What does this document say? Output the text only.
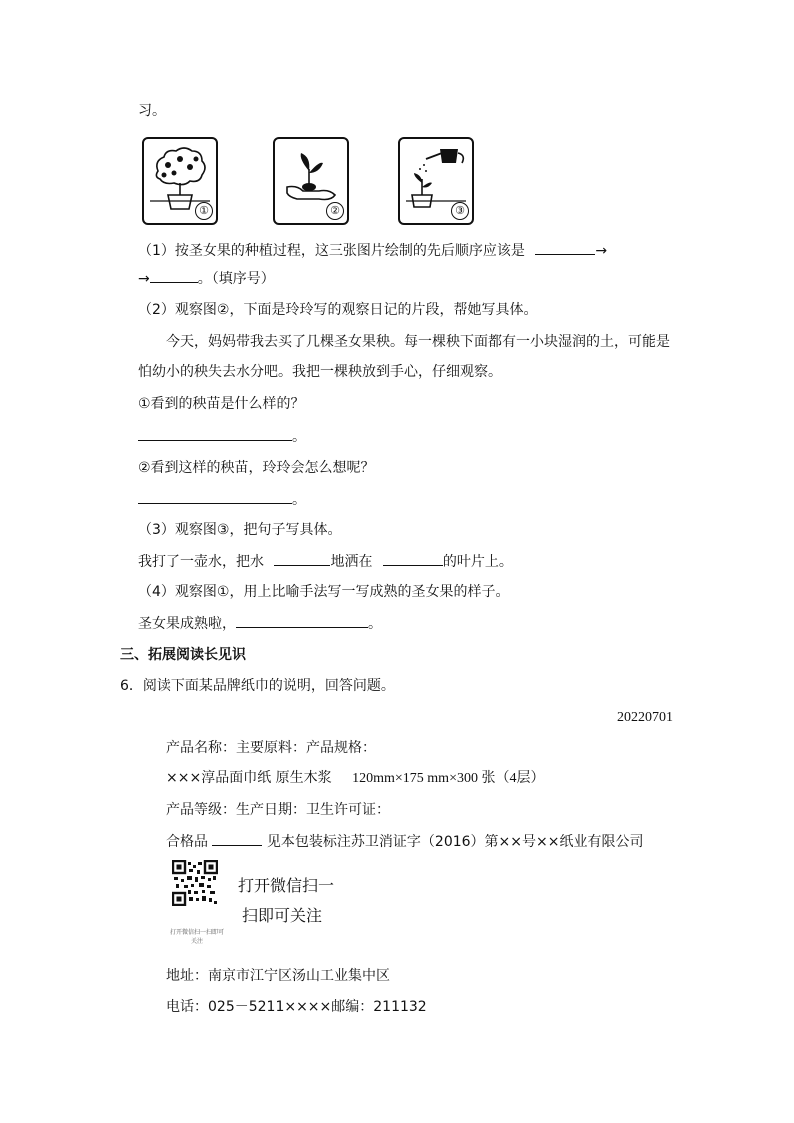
习。
①	②	③
（1）按圣女果的种植过程，这三张图片绘制的先后顺序应该是	→
→	。（填序号）
（2）观察图②，下面是玲玲写的观察日记的片段，帮她写具体。
今天，妈妈带我去买了几棵圣女果秧。每一棵秧下面都有一小块湿润的土，可能是
怕幼小的秧失去水分吧。我把一棵秧放到手心，仔细观察。
①看到的秧苗是什么样的？
。
②看到这样的秧苗，玲玲会怎么想呢？
。
（3）观察图③，把句子写具体。
我打了一壶水，把水	地洒在	的叶片上。
（4）观察图①，用上比喻手法写一写成熟的圣女果的样子。
圣女果成熟啦，	。
三、拓展阅读长见识
6．阅读下面某品牌纸巾的说明，回答问题。
20220701
产品名称：主要原料：产品规格：
×××淳品面巾纸 原生木浆 120mm×175 mm×300 张（4层）
产品等级：生产日期：卫生许可证：
合格品	见本包装标注苏卫消证字（2016）第××号××纸业有限公司
打开微信扫一扫即可关注
打开微信扫一
扫即可关注
地址：南京市江宁区汤山工业集中区
电话：025－5211××××邮编：211132
